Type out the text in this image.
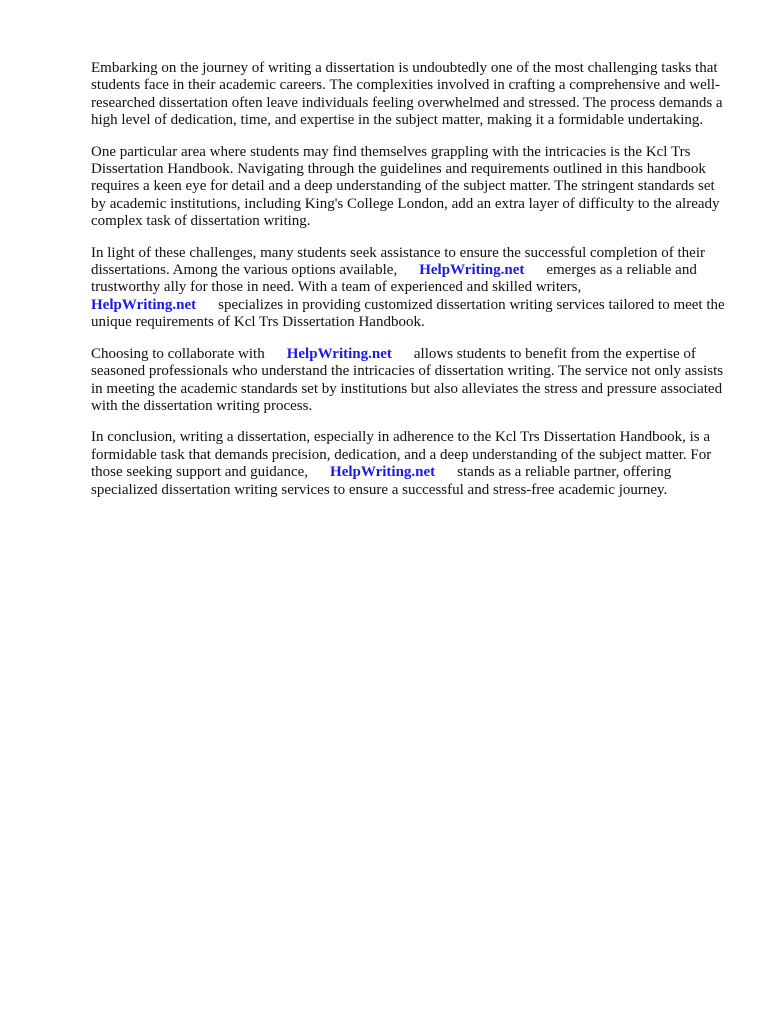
Embarking on the journey of writing a dissertation is undoubtedly one of the most challenging tasks that students face in their academic careers. The complexities involved in crafting a comprehensive and well-researched dissertation often leave individuals feeling overwhelmed and stressed. The process demands a high level of dedication, time, and expertise in the subject matter, making it a formidable undertaking.

One particular area where students may find themselves grappling with the intricacies is the Kcl Trs Dissertation Handbook. Navigating through the guidelines and requirements outlined in this handbook requires a keen eye for detail and a deep understanding of the subject matter. The stringent standards set by academic institutions, including King's College London, add an extra layer of difficulty to the already complex task of dissertation writing.

In light of these challenges, many students seek assistance to ensure the successful completion of their dissertations. Among the various options available, HelpWriting.net emerges as a reliable and trustworthy ally for those in need. With a team of experienced and skilled writers, HelpWriting.net specializes in providing customized dissertation writing services tailored to meet the unique requirements of Kcl Trs Dissertation Handbook.

Choosing to collaborate with HelpWriting.net allows students to benefit from the expertise of seasoned professionals who understand the intricacies of dissertation writing. The service not only assists in meeting the academic standards set by institutions but also alleviates the stress and pressure associated with the dissertation writing process.

In conclusion, writing a dissertation, especially in adherence to the Kcl Trs Dissertation Handbook, is a formidable task that demands precision, dedication, and a deep understanding of the subject matter. For those seeking support and guidance, HelpWriting.net stands as a reliable partner, offering specialized dissertation writing services to ensure a successful and stress-free academic journey.
